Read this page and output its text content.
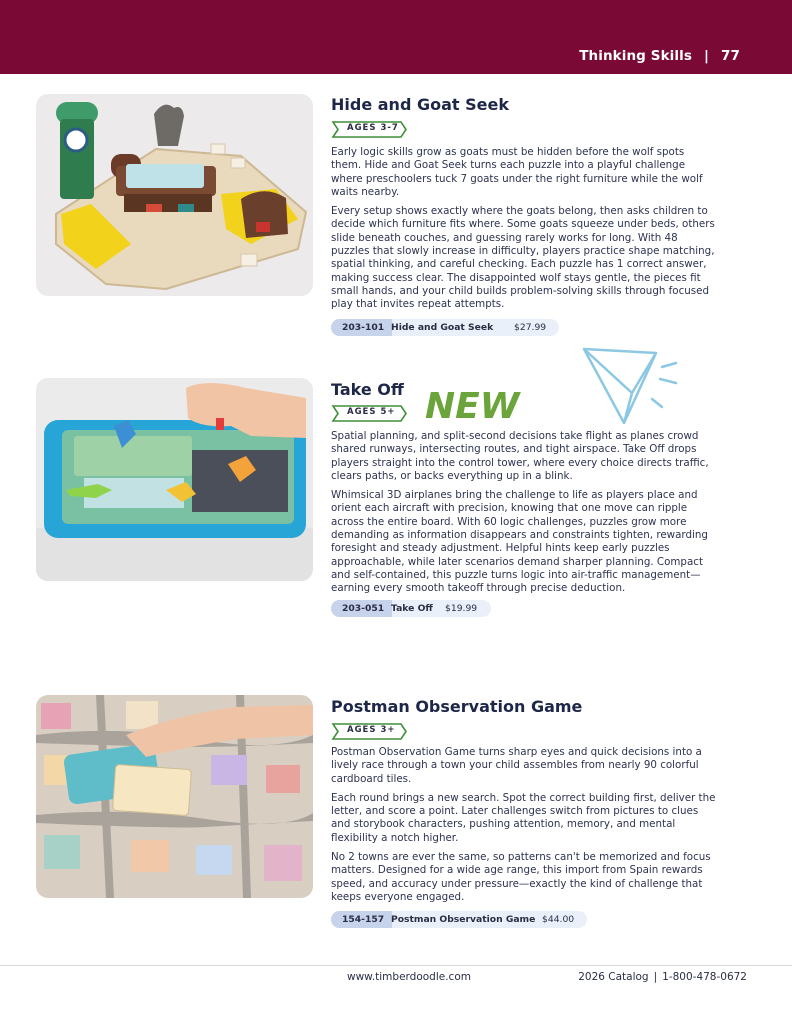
Thinking Skills | 77
Hide and Goat Seek
AGES 3-7

Early logic skills grow as goats must be hidden before the wolf spots them. Hide and Goat Seek turns each puzzle into a playful challenge where preschoolers tuck 7 goats under the right furniture while the wolf waits nearby.

Every setup shows exactly where the goats belong, then asks children to decide which furniture fits where. Some goats squeeze under beds, others slide beneath couches, and guessing rarely works for long. With 48 puzzles that slowly increase in difficulty, players practice shape matching, spatial thinking, and careful checking. Each puzzle has 1 correct answer, making success clear. The disappointed wolf stays gentle, the pieces fit small hands, and your child builds problem-solving skills through focused play that invites repeat attempts.

203-101 Hide and Goat Seek $27.99
Take Off NEW
AGES 5+

Spatial planning, and split-second decisions take flight as planes crowd shared runways, intersecting routes, and tight airspace. Take Off drops players straight into the control tower, where every choice directs traffic, clears paths, or backs everything up in a blink.

Whimsical 3D airplanes bring the challenge to life as players place and orient each aircraft with precision, knowing that one move can ripple across the entire board. With 60 logic challenges, puzzles grow more demanding as information disappears and constraints tighten, rewarding foresight and steady adjustment. Helpful hints keep early puzzles approachable, while later scenarios demand sharper planning. Compact and self-contained, this puzzle turns logic into air-traffic management—earning every smooth takeoff through precise deduction.

203-051 Take Off $19.99
Postman Observation Game
AGES 3+

Postman Observation Game turns sharp eyes and quick decisions into a lively race through a town your child assembles from nearly 90 colorful cardboard tiles.

Each round brings a new search. Spot the correct building first, deliver the letter, and score a point. Later challenges switch from pictures to clues and storybook characters, pushing attention, memory, and mental flexibility a notch higher.

No 2 towns are ever the same, so patterns can't be memorized and focus matters. Designed for a wide age range, this import from Spain rewards speed, and accuracy under pressure—exactly the kind of challenge that keeps everyone engaged.

154-157 Postman Observation Game $44.00
www.timberdoodle.com	2026 Catalog | 1-800-478-0672
